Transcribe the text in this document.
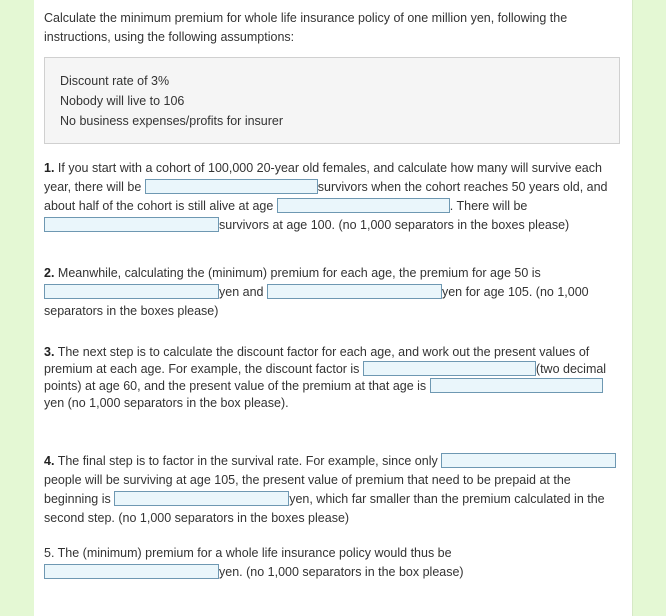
Calculate the minimum premium for whole life insurance policy of one million yen, following the instructions, using the following assumptions:
Discount rate of 3%
Nobody will live to 106
No business expenses/profits for insurer
1. If you start with a cohort of 100,000 20-year old females, and calculate how many will survive each year, there will be	survivors when the cohort reaches 50 years old, and about half of the cohort is still alive at age	. There will be survivors at age 100. (no 1,000 separators in the boxes please)
2. Meanwhile, calculating the (minimum) premium for each age, the premium for age 50 is yen and	yen for age 105. (no 1,000 separators in the boxes please)
3. The next step is to calculate the discount factor for each age, and work out the present values of premium at each age. For example, the discount factor is	(two decimal points) at age 60, and the present value of the premium at that age is yen (no 1,000 separators in the box please).
4. The final step is to factor in the survival rate. For example, since only people will be surviving at age 105, the present value of premium that need to be prepaid at the beginning is	yen, which far smaller than the premium calculated in the second step. (no 1,000 separators in the boxes please)
5. The (minimum) premium for a whole life insurance policy would thus be
yen. (no 1,000 separators in the box please)
